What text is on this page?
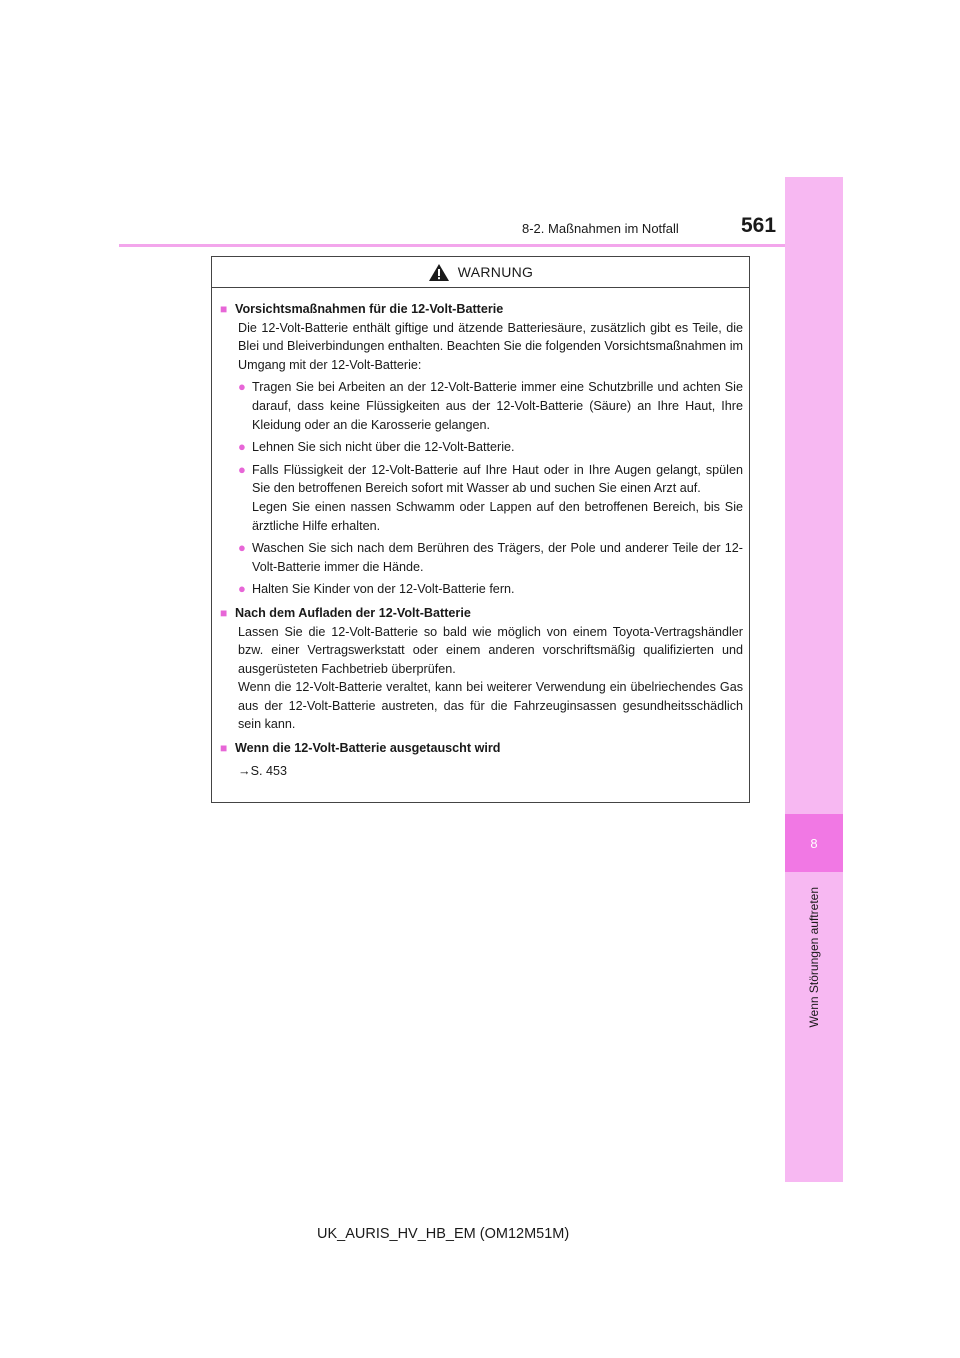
8
Wenn Störungen auftreten
8-2. Maßnahmen im Notfall	561
WARNUNG
■ Vorsichtsmaßnahmen für die 12-Volt-Batterie
Die 12-Volt-Batterie enthält giftige und ätzende Batteriesäure, zusätzlich gibt es Teile, die Blei und Bleiverbindungen enthalten. Beachten Sie die folgenden Vorsichtsmaßnahmen im Umgang mit der 12-Volt-Batterie:
● Tragen Sie bei Arbeiten an der 12-Volt-Batterie immer eine Schutzbrille und achten Sie darauf, dass keine Flüssigkeiten aus der 12-Volt-Batterie (Säure) an Ihre Haut, Ihre Kleidung oder an die Karosserie gelangen.
● Lehnen Sie sich nicht über die 12-Volt-Batterie.
● Falls Flüssigkeit der 12-Volt-Batterie auf Ihre Haut oder in Ihre Augen gelangt, spülen Sie den betroffenen Bereich sofort mit Wasser ab und suchen Sie einen Arzt auf.
Legen Sie einen nassen Schwamm oder Lappen auf den betroffenen Bereich, bis Sie ärztliche Hilfe erhalten.
● Waschen Sie sich nach dem Berühren des Trägers, der Pole und anderer Teile der 12-Volt-Batterie immer die Hände.
● Halten Sie Kinder von der 12-Volt-Batterie fern.
■ Nach dem Aufladen der 12-Volt-Batterie
Lassen Sie die 12-Volt-Batterie so bald wie möglich von einem Toyota-Vertragshändler bzw. einer Vertragswerkstatt oder einem anderen vorschriftsmäßig qualifizierten und ausgerüsteten Fachbetrieb überprüfen.
Wenn die 12-Volt-Batterie veraltet, kann bei weiterer Verwendung ein übelriechendes Gas aus der 12-Volt-Batterie austreten, das für die Fahrzeuginsassen gesundheitsschädlich sein kann.
■ Wenn die 12-Volt-Batterie ausgetauscht wird
→S. 453
UK_AURIS_HV_HB_EM (OM12M51M)
